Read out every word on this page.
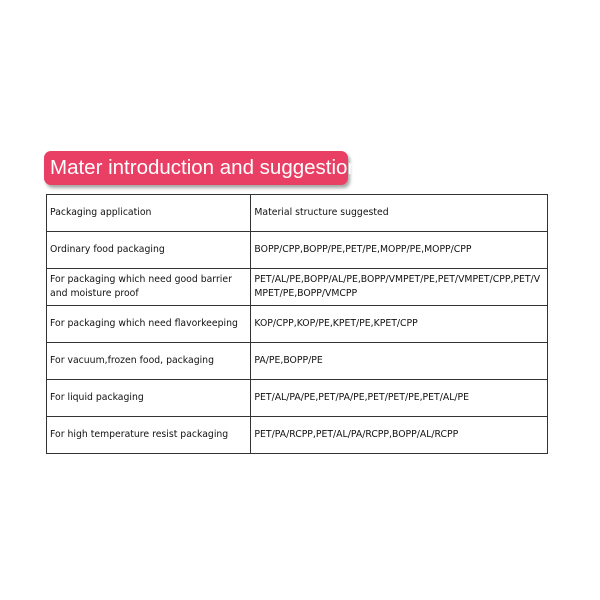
Mater introduction and suggestion
Packaging application	Material structure suggested
Ordinary food packaging	BOPP/CPP,BOPP/PE,PET/PE,MOPP/PE,MOPP/CPP
For packaging which need good barrier and moisture proof	PET/AL/PE,BOPP/AL/PE,BOPP/VMPET/PE,PET/VMPET/CPP,PET/VMPET/PE,BOPP/VMCPP
For packaging which need flavorkeeping	KOP/CPP,KOP/PE,KPET/PE,KPET/CPP
For vacuum,frozen food, packaging	PA/PE,BOPP/PE
For liquid packaging	PET/AL/PA/PE,PET/PA/PE,PET/PET/PE,PET/AL/PE
For high temperature resist packaging	PET/PA/RCPP,PET/AL/PA/RCPP,BOPP/AL/RCPP
